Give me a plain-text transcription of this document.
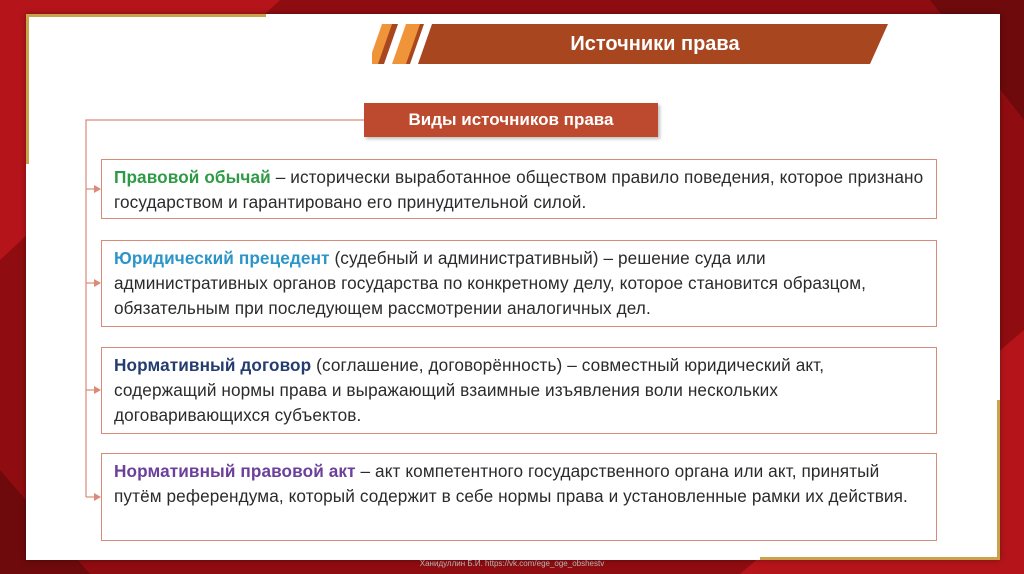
Источники права
Виды источников права
Правовой обычай – исторически выработанное обществом правило поведения, которое признано государством и гарантировано его принудительной силой.
Юридический прецедент (судебный и административный) – решение суда или административных органов государства по конкретному делу, которое становится образцом, обязательным при последующем рассмотрении аналогичных дел.
Нормативный договор (соглашение, договорённость) – совместный юридический акт, содержащий нормы права и выражающий взаимные изъявления воли нескольких договаривающихся субъектов.
Нормативный правовой акт – акт компетентного государственного органа или акт, принятый путём референдума, который содержит в себе нормы права и установленные рамки их действия.
Ханидуллин Б.И. https://vk.com/ege_oge_obshestv
